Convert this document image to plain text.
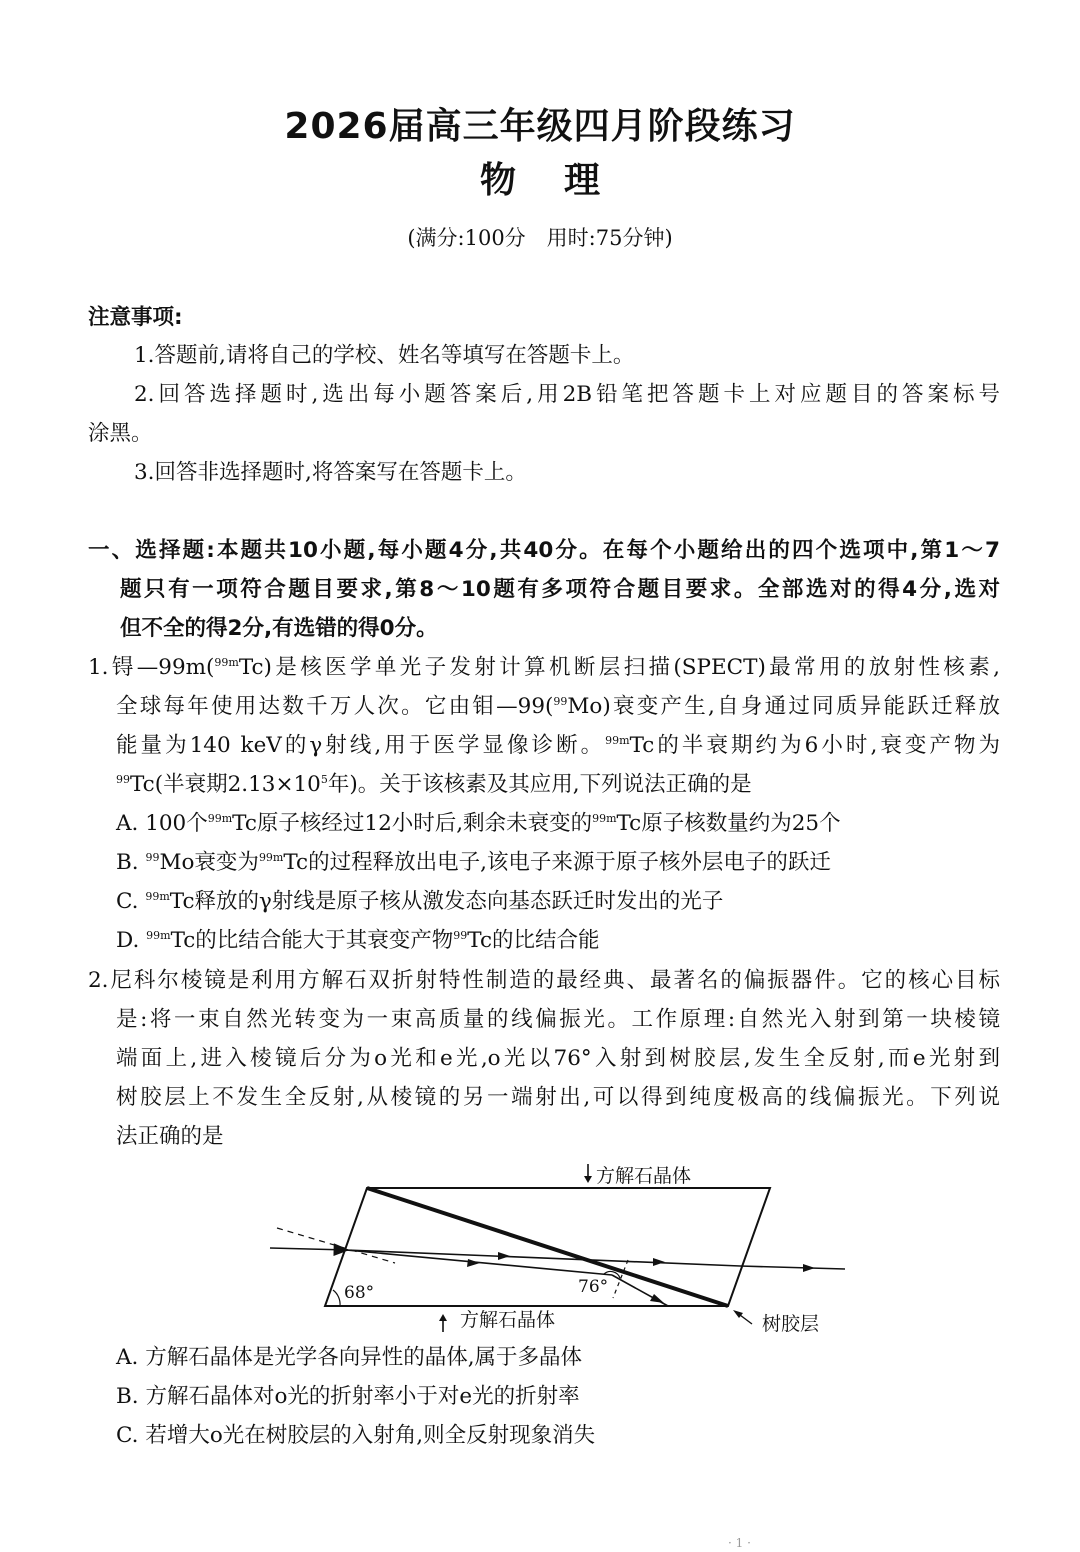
2026届高三年级四月阶段练习
物理
(满分:100分　用时:75分钟)
注意事项:
1.答题前,请将自己的学校、姓名等填写在答题卡上。
2.回答选择题时,选出每小题答案后,用2B铅笔把答题卡上对应题目的答案标号
涂黑。
3.回答非选择题时,将答案写在答题卡上。
一、选择题:本题共10小题,每小题4分,共40分。在每个小题给出的四个选项中,第1～7
题只有一项符合题目要求,第8～10题有多项符合题目要求。全部选对的得4分,选对
但不全的得2分,有选错的得0分。
1.锝—99m($^{99m}$Tc)是核医学单光子发射计算机断层扫描(SPECT)最常用的放射性核素,
全球每年使用达数千万人次。它由钼—99($^{99}$Mo)衰变产生,自身通过同质异能跃迁释放
能量为140 keV的γ射线,用于医学显像诊断。$^{99m}$Tc的半衰期约为6小时,衰变产物为
$^{99}$Tc(半衰期$2.13\times 10^5$年)。关于该核素及其应用,下列说法正确的是
A. 100个$^{99m}$Tc原子核经过12小时后,剩余未衰变的$^{99m}$Tc原子核数量约为25个
B. $^{99}$Mo衰变为$^{99m}$Tc的过程释放出电子,该电子来源于原子核外层电子的跃迁
C. $^{99m}$Tc释放的γ射线是原子核从激发态向基态跃迁时发出的光子
D. $^{99m}$Tc的比结合能大于其衰变产物$^{99}$Tc的比结合能
2.尼科尔棱镜是利用方解石双折射特性制造的最经典、最著名的偏振器件。它的核心目标
是:将一束自然光转变为一束高质量的线偏振光。工作原理:自然光入射到第一块棱镜
端面上,进入棱镜后分为o光和e光,o光以76°入射到树胶层,发生全反射,而e光射到
树胶层上不发生全反射,从棱镜的另一端射出,可以得到纯度极高的线偏振光。下列说
法正确的是
方解石晶体
方解石晶体	树胶层
68°	76°
A. 方解石晶体是光学各向异性的晶体,属于多晶体
B. 方解石晶体对o光的折射率小于对e光的折射率
C. 若增大o光在树胶层的入射角,则全反射现象消失
· 1 ·
